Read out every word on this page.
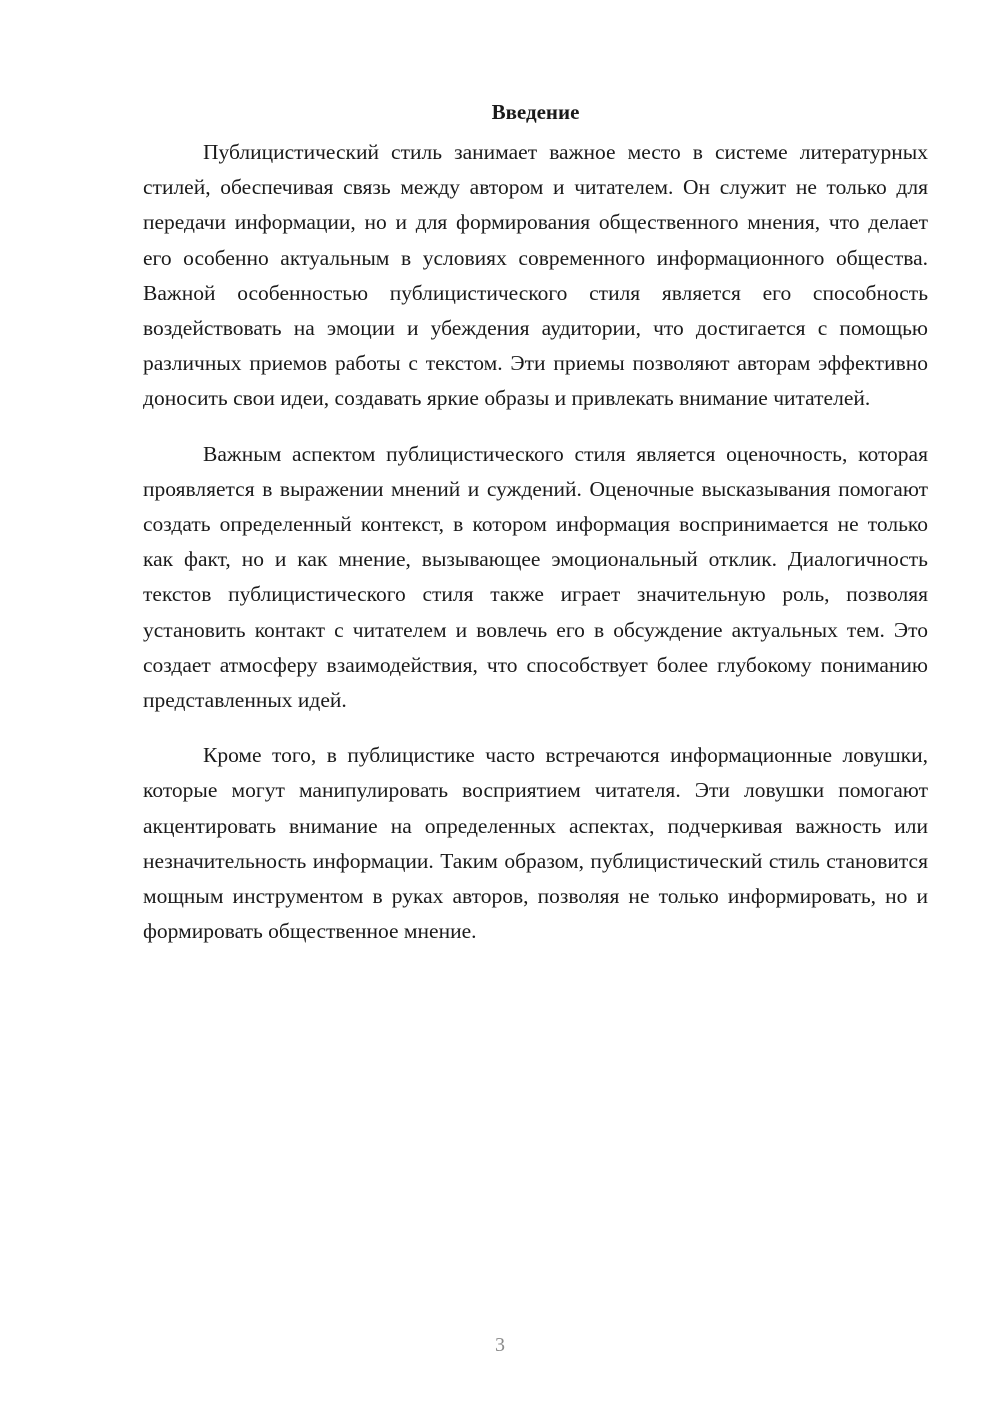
Введение

Публицистический стиль занимает важное место в системе литературных стилей, обеспечивая связь между автором и читателем. Он служит не только для передачи информации, но и для формирования общественного мнения, что делает его особенно актуальным в условиях современного информационного общества. Важной особенностью публицистического стиля является его способность воздействовать на эмоции и убеждения аудитории, что достигается с помощью различных приемов работы с текстом. Эти приемы позволяют авторам эффективно доносить свои идеи, создавать яркие образы и привлекать внимание читателей.

Важным аспектом публицистического стиля является оценочность, которая проявляется в выражении мнений и суждений. Оценочные высказывания помогают создать определенный контекст, в котором информация воспринимается не только как факт, но и как мнение, вызывающее эмоциональный отклик. Диалогичность текстов публицистического стиля также играет значительную роль, позволяя установить контакт с читателем и вовлечь его в обсуждение актуальных тем. Это создает атмосферу взаимодействия, что способствует более глубокому пониманию представленных идей.

Кроме того, в публицистике часто встречаются информационные ловушки, которые могут манипулировать восприятием читателя. Эти ловушки помогают акцентировать внимание на определенных аспектах, подчеркивая важность или незначительность информации. Таким образом, публицистический стиль становится мощным инструментом в руках авторов, позволяя не только информировать, но и формировать общественное мнение.

3
